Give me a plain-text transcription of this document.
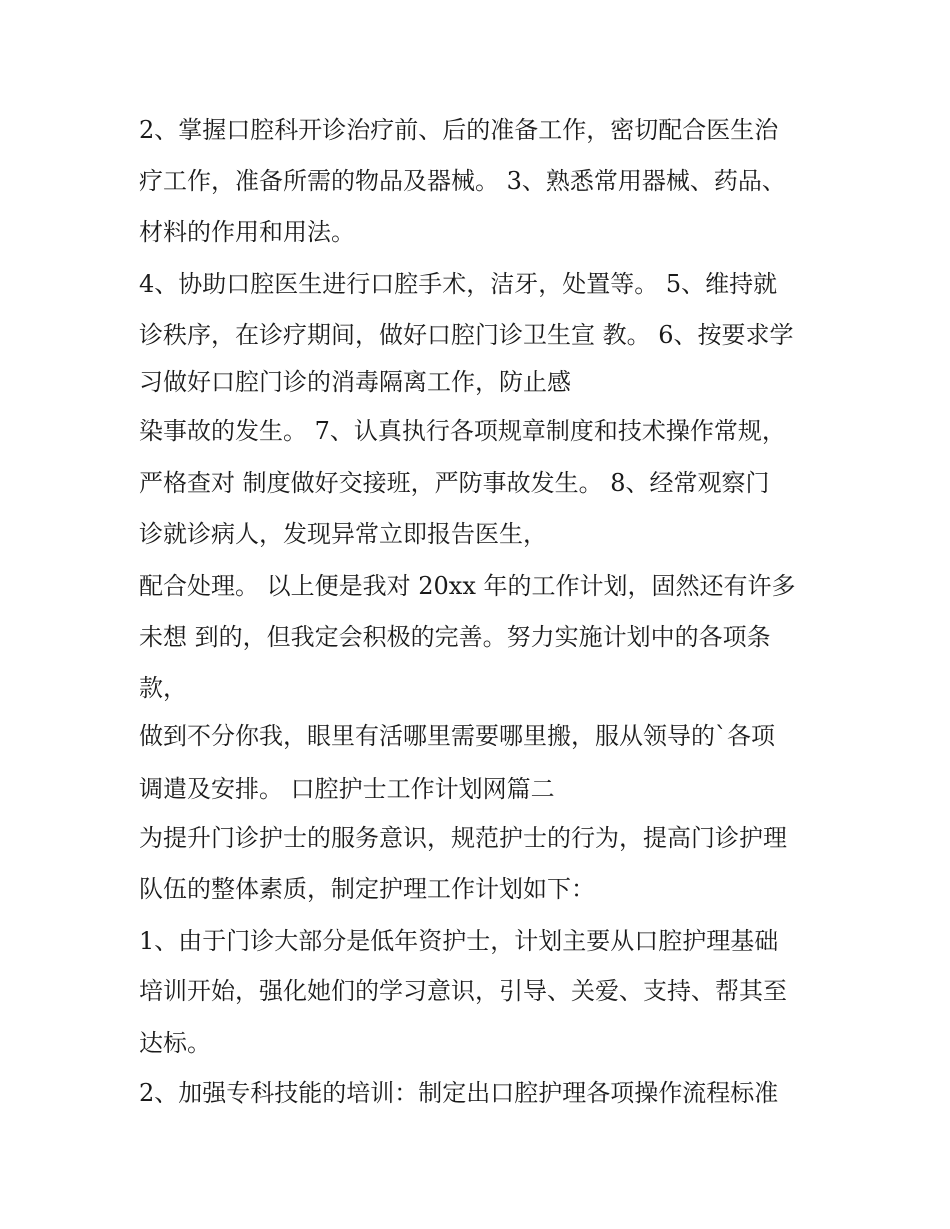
2、掌握口腔科开诊治疗前、后的准备工作，密切配合医生治
疗工作，准备所需的物品及器械。 3、熟悉常用器械、药品、
材料的作用和用法。
4、协助口腔医生进行口腔手术，洁牙，处置等。 5、维持就
诊秩序，在诊疗期间，做好口腔门诊卫生宣 教。 6、按要求学
习做好口腔门诊的消毒隔离工作，防止感
染事故的发生。 7、认真执行各项规章制度和技术操作常规，
严格查对 制度做好交接班，严防事故发生。 8、经常观察门
诊就诊病人，发现异常立即报告医生，
配合处理。 以上便是我对 20xx 年的工作计划，固然还有许多
未想 到的，但我定会积极的完善。努力实施计划中的各项条
款，
做到不分你我，眼里有活哪里需要哪里搬，服从领导的`各项
调遣及安排。 口腔护士工作计划网篇二
为提升门诊护士的服务意识，规范护士的行为，提高门诊护理
队伍的整体素质，制定护理工作计划如下：
1、由于门诊大部分是低年资护士，计划主要从口腔护理基础
培训开始，强化她们的学习意识，引导、关爱、支持、帮其至
达标。
2、加强专科技能的培训：制定出口腔护理各项操作流程标准
